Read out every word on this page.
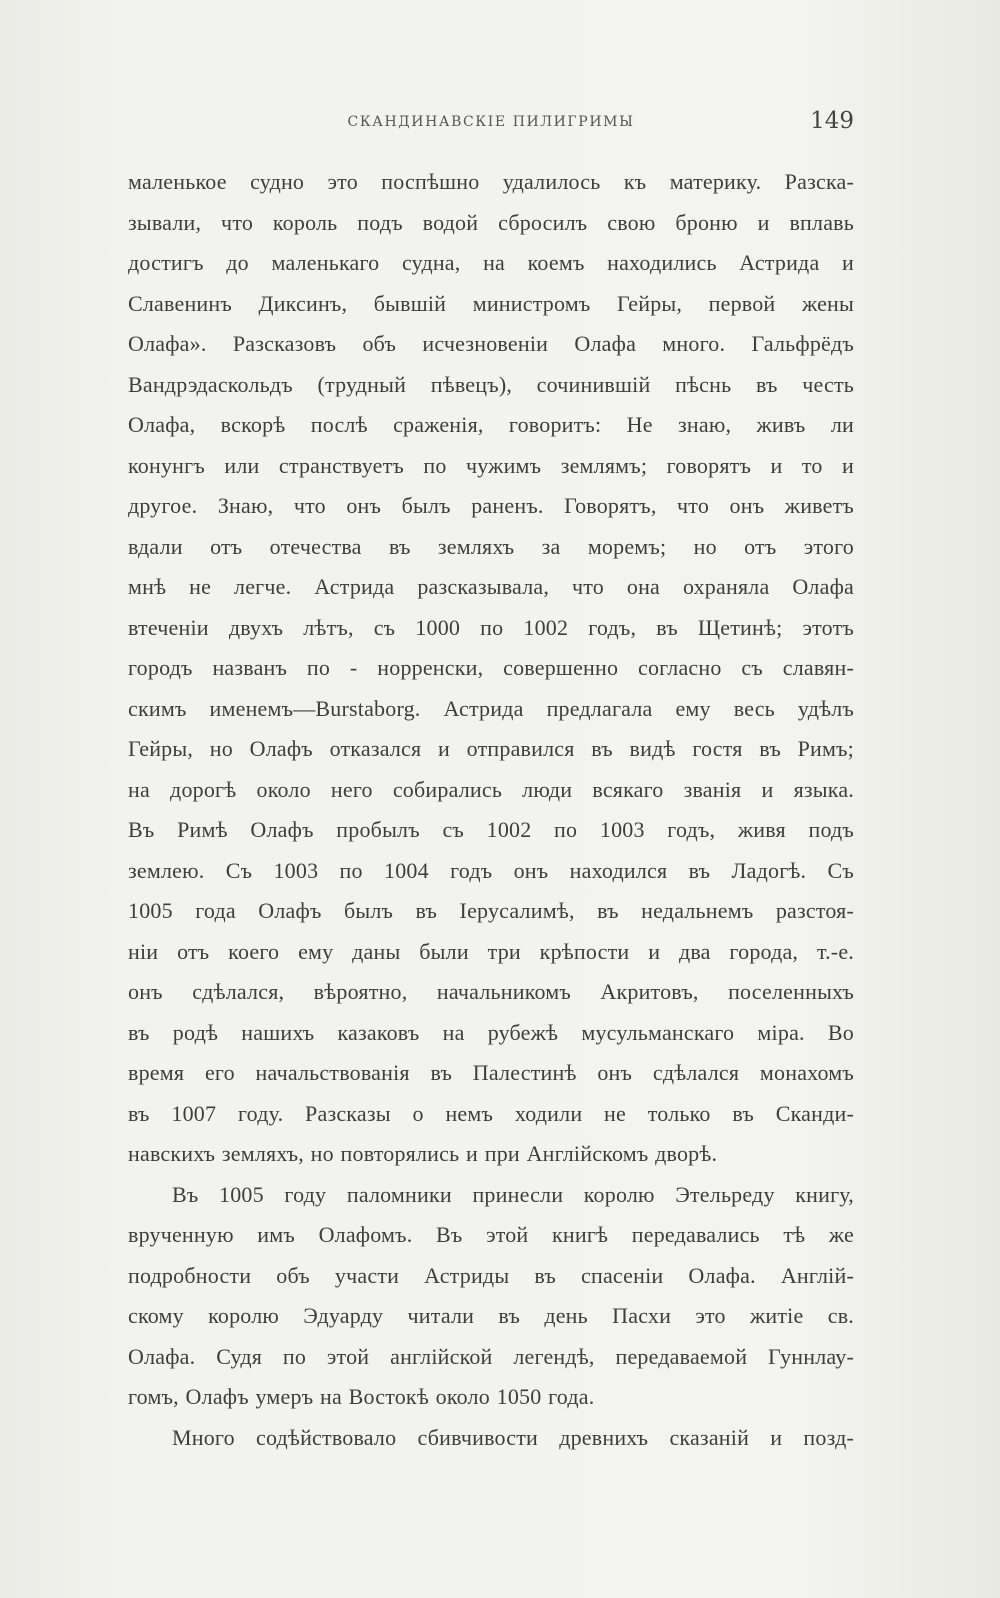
СКАНДИНАВСКІЕ ПИЛИГРИМЫ	149
маленькое судно это поспѣшно удалилось къ материку. Разска-
зывали, что король подъ водой сбросилъ свою броню и вплавь
достигъ до маленькаго судна, на коемъ находились Астрида и
Славенинъ Диксинъ, бывшій министромъ Гейры, первой жены
Олафа». Разсказовъ объ исчезновеніи Олафа много. Гальфрёдъ
Вандрэдаскольдъ (трудный пѣвецъ), сочинившій пѣснь въ честь
Олафа, вскорѣ послѣ сраженія, говоритъ: Не знаю, живъ ли
конунгъ или странствуетъ по чужимъ землямъ; говорятъ и то и
другое. Знаю, что онъ былъ раненъ. Говорятъ, что онъ живетъ
вдали отъ отечества въ земляхъ за моремъ; но отъ этого
мнѣ не легче. Астрида разсказывала, что она охраняла Олафа
втеченіи двухъ лѣтъ, съ 1000 по 1002 годъ, въ Щетинѣ; этотъ
городъ названъ по - норренски, совершенно согласно съ славян-
скимъ именемъ—Burstaborg. Астрида предлагала ему весь удѣлъ
Гейры, но Олафъ отказался и отправился въ видѣ гостя въ Римъ;
на дорогѣ около него собирались люди всякаго званія и языка.
Въ Римѣ Олафъ пробылъ съ 1002 по 1003 годъ, живя подъ
землею. Съ 1003 по 1004 годъ онъ находился въ Ладогѣ. Съ
1005 года Олафъ былъ въ Іерусалимѣ, въ недальнемъ разстоя-
ніи отъ коего ему даны были три крѣпости и два города, т.-е.
онъ сдѣлался, вѣроятно, начальникомъ Акритовъ, поселенныхъ
въ родѣ нашихъ казаковъ на рубежѣ мусульманскаго міра. Во
время его начальствованія въ Палестинѣ онъ сдѣлался монахомъ
въ 1007 году. Разсказы о немъ ходили не только въ Сканди-
навскихъ земляхъ, но повторялись и при Англійскомъ дворѣ.
Въ 1005 году паломники принесли королю Этельреду книгу,
врученную имъ Олафомъ. Въ этой книгѣ передавались тѣ же
подробности объ участи Астриды въ спасеніи Олафа. Англій-
скому королю Эдуарду читали въ день Пасхи это житіе св.
Олафа. Судя по этой англійской легендѣ, передаваемой Гуннлау-
гомъ, Олафъ умеръ на Востокѣ около 1050 года.
Много содѣйствовало сбивчивости древнихъ сказаній и позд-
